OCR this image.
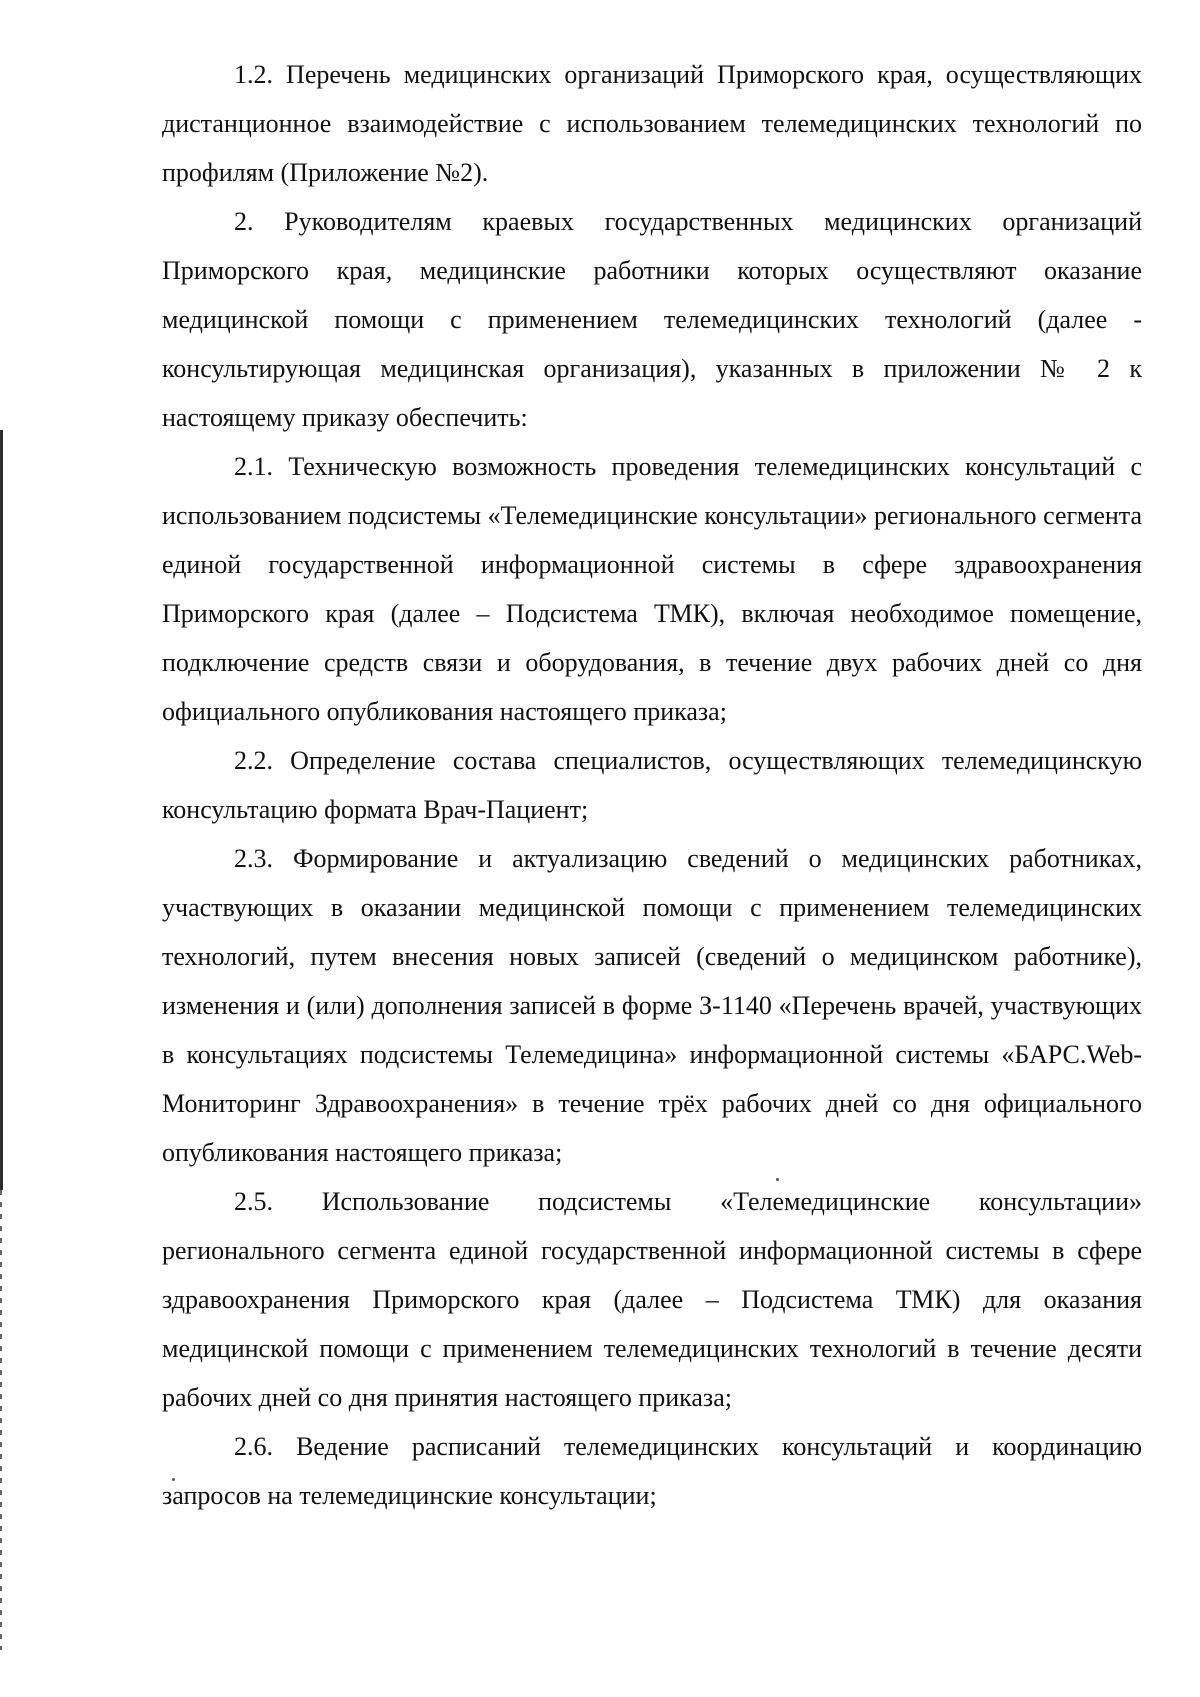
1.2. Перечень медицинских организаций Приморского края, осуществляющих дистанционное взаимодействие с использованием телемедицинских технологий по профилям (Приложение №2).

2. Руководителям краевых государственных медицинских организаций Приморского края, медицинские работники которых осуществляют оказание медицинской помощи с применением телемедицинских технологий (далее - консультирующая медицинская организация), указанных в приложении № 2 к настоящему приказу обеспечить:

2.1. Техническую возможность проведения телемедицинских консультаций с использованием подсистемы «Телемедицинские консультации» регионального сегмента единой государственной информационной системы в сфере здравоохранения Приморского края (далее – Подсистема ТМК), включая необходимое помещение, подключение средств связи и оборудования, в течение двух рабочих дней со дня официального опубликования настоящего приказа;

2.2. Определение состава специалистов, осуществляющих телемедицинскую консультацию формата Врач-Пациент;

2.3. Формирование и актуализацию сведений о медицинских работниках, участвующих в оказании медицинской помощи с применением телемедицинских технологий, путем внесения новых записей (сведений о медицинском работнике), изменения и (или) дополнения записей в форме З-1140 «Перечень врачей, участвующих в консультациях подсистемы Телемедицина» информационной системы «БАРС.Web-Мониторинг Здравоохранения» в течение трёх рабочих дней со дня официального опубликования настоящего приказа;

2.5. Использование подсистемы «Телемедицинские консультации» регионального сегмента единой государственной информационной системы в сфере здравоохранения Приморского края (далее – Подсистема ТМК) для оказания медицинской помощи с применением телемедицинских технологий в течение десяти рабочих дней со дня принятия настоящего приказа;

2.6. Ведение расписаний телемедицинских консультаций и координацию запросов на телемедицинские консультации;
